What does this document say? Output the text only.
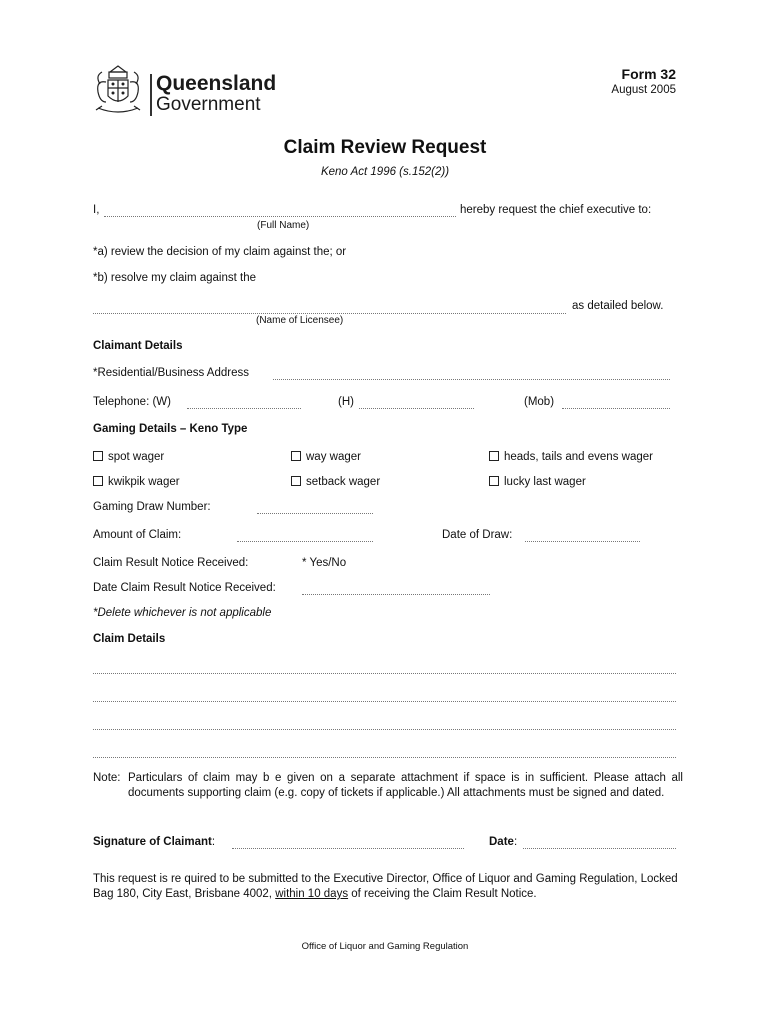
Queensland
Government
Form 32
August 2005
Claim Review Request
Keno Act 1996 (s.152(2))
I,	hereby request the chief executive to:
(Full Name)
*a) review the decision of my claim against the; or
*b) resolve my claim against the
as detailed below.
(Name of Licensee)
Claimant Details
*Residential/Business Address
Telephone: (W)	(H)	(Mob)
Gaming Details – Keno Type
spot wager	way wager	heads, tails and evens wager
kwikpik wager	setback wager	lucky last wager
Gaming Draw Number:
Amount of Claim:	Date of Draw:
Claim Result Notice Received:	* Yes/No
Date Claim Result Notice Received:
*Delete whichever is not applicable
Claim Details
Note: Particulars of claim may b e given on a separate attachment if space is in sufficient. Please attach all documents supporting claim (e.g. copy of tickets if applicable.) All attachments must be signed and dated.
Signature of Claimant:	Date:
This request is re quired to be submitted to the Executive Director, Office of Liquor and Gaming Regulation, Locked Bag 180, City East, Brisbane 4002, within 10 days of receiving the Claim Result Notice.
Office of Liquor and Gaming Regulation
